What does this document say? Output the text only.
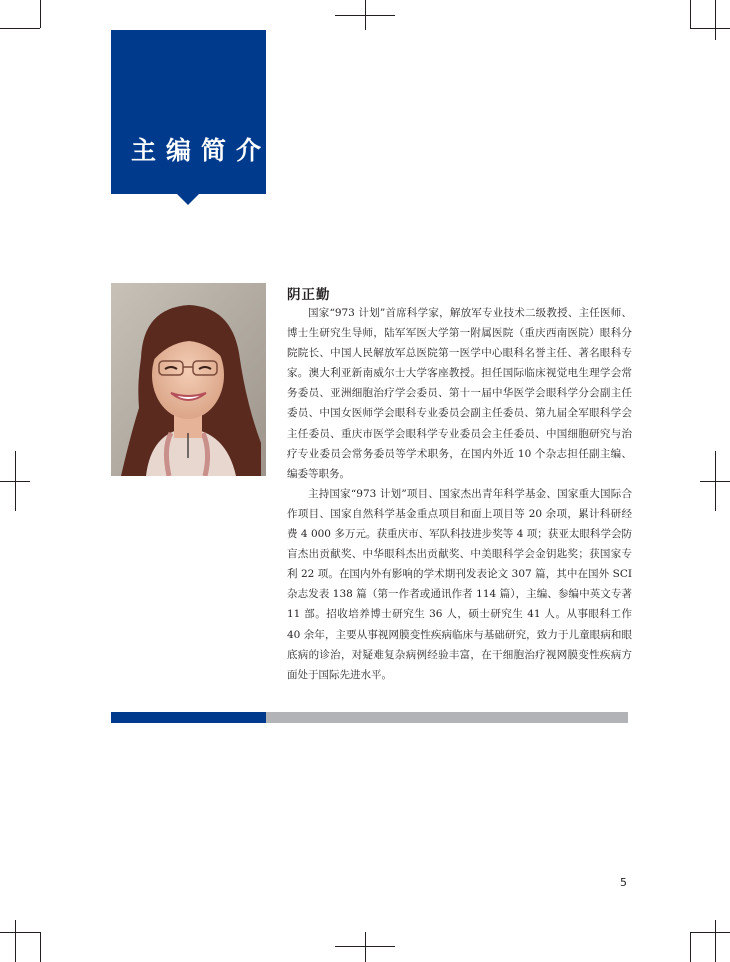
主编简介
阴正勤

国家“973 计划”首席科学家，解放军专业技术二级教授、主任医师、博士生研究生导师，陆军军医大学第一附属医院（重庆西南医院）眼科分院院长、中国人民解放军总医院第一医学中心眼科名誉主任、著名眼科专家。澳大利亚新南威尔士大学客座教授。担任国际临床视觉电生理学会常务委员、亚洲细胞治疗学会委员、第十一届中华医学会眼科学分会副主任委员、中国女医师学会眼科专业委员会副主任委员、第九届全军眼科学会主任委员、重庆市医学会眼科学专业委员会主任委员、中国细胞研究与治疗专业委员会常务委员等学术职务，在国内外近 10 个杂志担任副主编、编委等职务。

主持国家“973 计划”项目、国家杰出青年科学基金、国家重大国际合作项目、国家自然科学基金重点项目和面上项目等 20 余项，累计科研经费 4 000 多万元。获重庆市、军队科技进步奖等 4 项；获亚太眼科学会防盲杰出贡献奖、中华眼科杰出贡献奖、中美眼科学会金钥匙奖；获国家专利 22 项。在国内外有影响的学术期刊发表论文 307 篇，其中在国外 SCI 杂志发表 138 篇（第一作者或通讯作者 114 篇），主编、参编中英文专著 11 部。招收培养博士研究生 36 人，硕士研究生 41 人。从事眼科工作 40 余年，主要从事视网膜变性疾病临床与基础研究，致力于儿童眼病和眼底病的诊治，对疑难复杂病例经验丰富，在干细胞治疗视网膜变性疾病方面处于国际先进水平。

5
